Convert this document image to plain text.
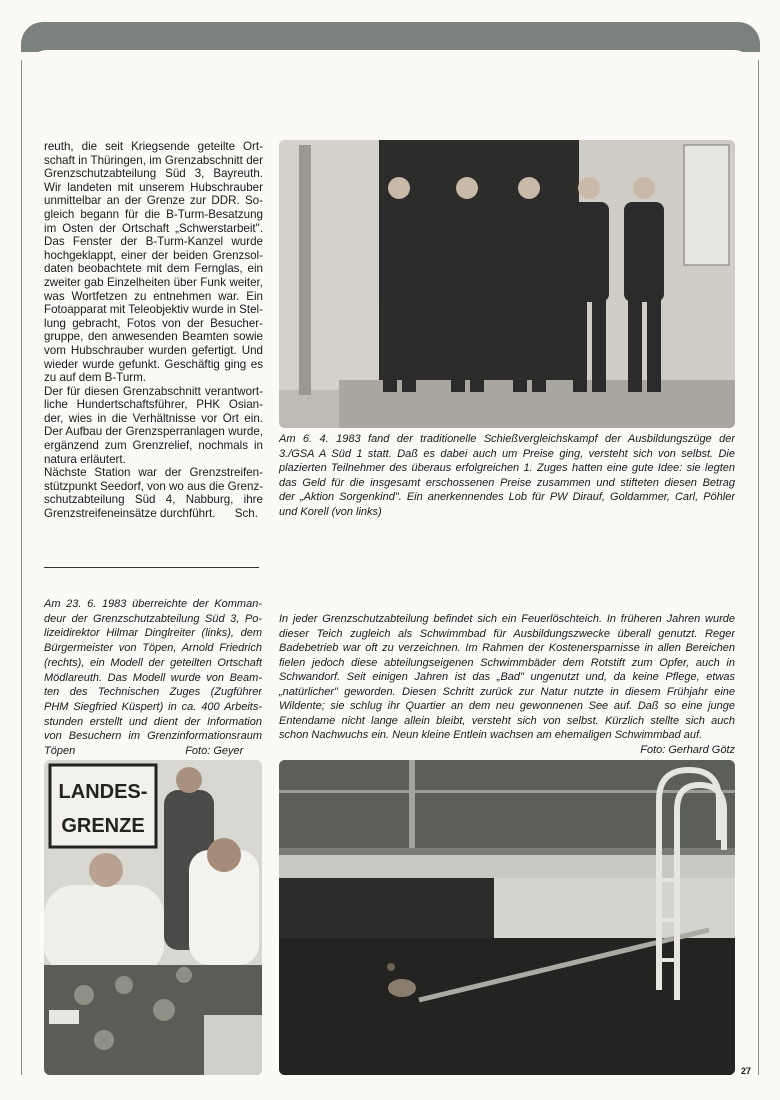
reuth, die seit Kriegsende geteilte Ort-
schaft in Thüringen, im Grenzabschnitt der
Grenzschutzabteilung Süd 3, Bayreuth.
Wir landeten mit unserem Hubschrauber
unmittelbar an der Grenze zur DDR. So-
gleich begann für die B-Turm-Besatzung
im Osten der Ortschaft „Schwerstarbeit".
Das Fenster der B-Turm-Kanzel wurde
hochgeklappt, einer der beiden Grenzsol-
daten beobachtete mit dem Fernglas, ein
zweiter gab Einzelheiten über Funk weiter,
was Wortfetzen zu entnehmen war. Ein
Fotoapparat mit Teleobjektiv wurde in Stel-
lung gebracht, Fotos von der Besucher-
gruppe, den anwesenden Beamten sowie
vom Hubschrauber wurden gefertigt. Und
wieder wurde gefunkt. Geschäftig ging es
zu auf dem B-Turm.
Der für diesen Grenzabschnitt verantwort-
liche Hundertschaftsführer, PHK Osian-
der, wies in die Verhältnisse vor Ort ein.
Der Aufbau der Grenzsperranlagen wurde,
ergänzend zum Grenzrelief, nochmals in
natura erläutert.
Nächste Station war der Grenzstreifen-
stützpunkt Seedorf, von wo aus die Grenz-
schutzabteilung Süd 4, Nabburg, ihre
Grenzstreifeneinsätze durchführt.      Sch.
Am 6. 4. 1983 fand der traditionelle Schießvergleichskampf der Ausbildungszüge der
3./GSA A Süd 1 statt. Daß es dabei auch um Preise ging, versteht sich von selbst. Die
plazierten Teilnehmer des überaus erfolgreichen 1. Zuges hatten eine gute Idee: sie legten
das Geld für die insgesamt erschossenen Preise zusammen und stifteten diesen Betrag
der „Aktion Sorgenkind". Ein anerkennendes Lob für PW Dirauf, Goldammer, Carl, Pöhler
und Korell (von links)
Am 23. 6. 1983 überreichte der Komman-
deur der Grenzschutzabteilung Süd 3, Po-
lizeidirektor Hilmar Dinglreiter (links), dem
Bürgermeister von Töpen, Arnold Friedrich
(rechts), ein Modell der geteilten Ortschaft
Mödlareuth. Das Modell wurde von Beam-
ten des Technischen Zuges (Zugführer
PHM Siegfried Küspert) in ca. 400 Arbeits-
stunden erstellt und dient der Information
von Besuchern im Grenzinformationsraum
Töpen                                    Foto: Geyer
In jeder Grenzschutzabteilung befindet sich ein Feuerlöschteich. In früheren Jahren wurde
dieser Teich zugleich als Schwimmbad für Ausbildungszwecke überall genutzt. Reger
Badebetrieb war oft zu verzeichnen. Im Rahmen der Kostenersparnisse in allen Bereichen
fielen jedoch diese abteilungseigenen Schwimmbäder dem Rotstift zum Opfer, auch in
Schwandorf. Seit einigen Jahren ist das „Bad" ungenutzt und, da keine Pflege, etwas
„natürlicher" geworden. Diesen Schritt zurück zur Natur nutzte in diesem Frühjahr eine
Wildente; sie schlug ihr Quartier an dem neu gewonnenen See auf. Daß so eine junge
Entendame nicht lange allein bleibt, versteht sich von selbst. Kürzlich stellte sich auch
schon Nachwuchs ein. Neun kleine Entlein wachsen am ehemaligen Schwimmbad auf.
Foto: Gerhard Götz
LANDES-
GRENZE
27
